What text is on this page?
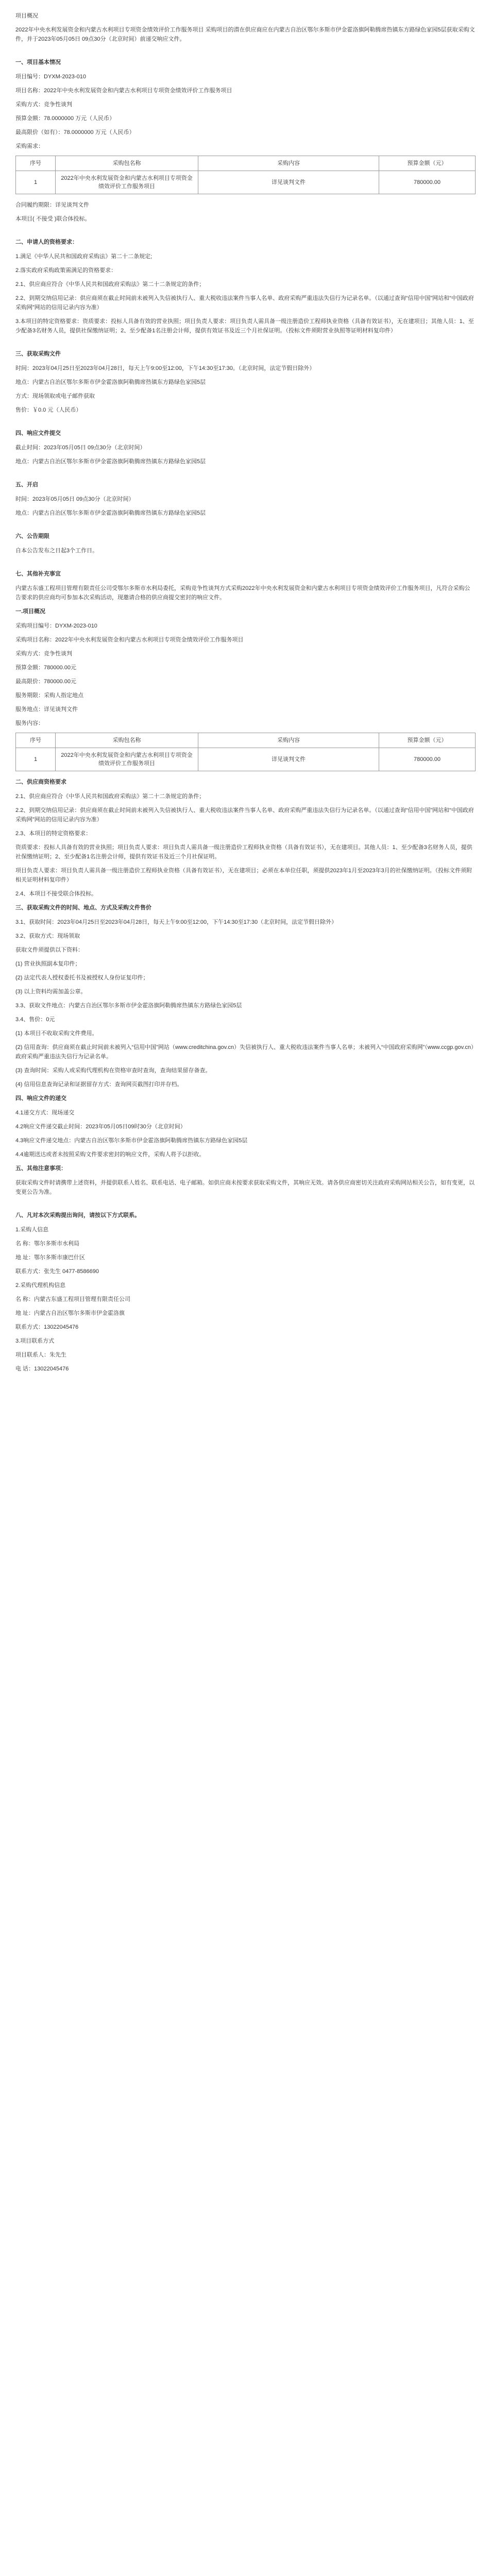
项目概况

2022年中央水利发展资金和内蒙古水利项目专项资金绩效评价工作服务项目 采购项目的潜在供应商应在内蒙古自治区鄂尔多斯市伊金霍洛旗阿勒腾席热镇东方路绿色家园5层获取采购文件，并于2023年05月05日 09点30分（北京时间）前递交响应文件。

一、项目基本情况

项目编号：DYXM-2023-010

项目名称：2022年中央水利发展资金和内蒙古水利项目专项资金绩效评价工作服务项目

采购方式：竞争性谈判

预算金额：78.0000000 万元（人民币）

最高限价（如有）：78.0000000 万元（人民币）

采购需求：

序号	采购包名称	采购内容	预算金额（元）
1	2022年中央水利发展资金和内蒙古水利项目专项资金绩效评价工作服务项目	详见谈判文件	780000.00

合同履约期限：详见谈判文件

本项目( 不接受 )联合体投标。

二、申请人的资格要求：

1.满足《中华人民共和国政府采购法》第二十二条规定;

2.落实政府采购政策需满足的资格要求：

2.1、供应商应符合《中华人民共和国政府采购法》第二十二条规定的条件；

2.2、到期交纳信用记录：供应商须在截止时间前未被列入失信被执行人、重大税收违法案件当事人名单、政府采购严重违法失信行为记录名单。（以通过查询“信用中国”网站和“中国政府采购网”网站的信用记录内容为准）

3.本项目的特定资格要求：资质要求：投标人具备有效的营业执照；项目负责人要求：项目负责人需具备一级注册造价工程师执业资格（具备有效证书），无在建项目；其他人员：1、至少配备3名财务人员，提供社保缴纳证明；2、至少配备1名注册会计师，提供有效证书及近三个月社保证明。（投标文件须附营业执照等证明材料复印件）

三、获取采购文件

时间：2023年04月25日至2023年04月28日，每天上午9:00至12:00，下午14:30至17:30。（北京时间，法定节假日除外）

地点：内蒙古自治区鄂尔多斯市伊金霍洛旗阿勒腾席热镇东方路绿色家园5层

方式：现场领取或电子邮件获取

售价：￥0.0 元（人民币）

四、响应文件提交

截止时间：2023年05月05日 09点30分（北京时间）

地点：内蒙古自治区鄂尔多斯市伊金霍洛旗阿勒腾席热镇东方路绿色家园5层

五、开启

时间：2023年05月05日 09点30分（北京时间）

地点：内蒙古自治区鄂尔多斯市伊金霍洛旗阿勒腾席热镇东方路绿色家园5层

六、公告期限

自本公告发布之日起3个工作日。

七、其他补充事宜

内蒙古东盛工程项目管理有限责任公司受鄂尔多斯市水利局委托，采购竞争性谈判方式采购2022年中央水利发展资金和内蒙古水利项目专项资金绩效评价工作服务项目，凡符合采购公告要求的供应商均可参加本次采购活动，现邀请合格的供应商提交密封的响应文件。

一.项目概况

采购项目编号：DYXM-2023-010

采购项目名称：2022年中央水利发展资金和内蒙古水利项目专项资金绩效评价工作服务项目

采购方式：竞争性谈判

预算金额：780000.00元

最高限价：780000.00元

服务期限：采购人指定地点

服务地点：详见谈判文件

服务内容：

序号	采购包名称	采购内容	预算金额（元）
1	2022年中央水利发展资金和内蒙古水利项目专项资金绩效评价工作服务项目	详见谈判文件	780000.00

二、供应商资格要求

2.1、供应商应符合《中华人民共和国政府采购法》第二十二条规定的条件；

2.2、到期交纳信用记录：供应商须在截止时间前未被列入失信被执行人、重大税收违法案件当事人名单、政府采购严重违法失信行为记录名单。（以通过查询“信用中国”网站和“中国政府采购网”网站的信用记录内容为准）

2.3、本项目的特定资格要求：

资质要求：投标人具备有效的营业执照；项目负责人要求：项目负责人需具备一级注册造价工程师执业资格（具备有效证书），无在建项目。其他人员：1、至少配备3名财务人员，提供社保缴纳证明；2、至少配备1名注册会计师，提供有效证书及近三个月社保证明。

项目负责人要求：项目负责人需具备一级注册造价工程师执业资格（具备有效证书），无在建项目；必须在本单位任职，须提供2023年1月至2023年3月的社保缴纳证明。（投标文件须附相关证明材料复印件）

2.4、本项目不接受联合体投标。

三、获取采购文件的时间、地点、方式及采购文件售价

3.1、获取时间：2023年04月25日至2023年04月28日，每天上午9:00至12:00，下午14:30至17:30（北京时间，法定节假日除外）

3.2、获取方式：现场领取

获取文件须提供以下资料：

(1) 营业执照副本复印件；

(2) 法定代表人授权委托书及被授权人身份证复印件；

(3) 以上资料均需加盖公章。

3.3、获取文件地点：内蒙古自治区鄂尔多斯市伊金霍洛旗阿勒腾席热镇东方路绿色家园5层

3.4、售价：0元

(1) 本项目不收取采购文件费用。

(2) 信用查询：供应商须在截止时间前未被列入“信用中国”网站（www.creditchina.gov.cn）失信被执行人、重大税收违法案件当事人名单；未被列入“中国政府采购网”（www.ccgp.gov.cn）政府采购严重违法失信行为记录名单。

(3) 查询时间：采购人或采购代理机构在资格审查时查询，查询结果留存备查。

(4) 信用信息查询记录和证据留存方式：查询网页截图打印并存档。

四、响应文件的递交

4.1递交方式：现场递交

4.2响应文件递交截止时间：2023年05月05日09时30分（北京时间）

4.3响应文件递交地点：内蒙古自治区鄂尔多斯市伊金霍洛旗阿勒腾席热镇东方路绿色家园5层

4.4逾期送达或者未按照采购文件要求密封的响应文件，采购人将予以拒收。

五、其他注意事项：

获取采购文件时请携带上述资料，并提供联系人姓名、联系电话、电子邮箱。如供应商未按要求获取采购文件，其响应无效。请各供应商密切关注政府采购网站相关公告，如有变更，以变更公告为准。

八、凡对本次采购提出询问，请按以下方式联系。

1.采购人信息

名 称：鄂尔多斯市水利局

地 址：鄂尔多斯市康巴什区

联系方式：张先生 0477-8586690

2.采购代理机构信息

名 称：内蒙古东盛工程项目管理有限责任公司

地 址：内蒙古自治区鄂尔多斯市伊金霍洛旗

联系方式：13022045476

3.项目联系方式

项目联系人：朱先生

电 话：13022045476
